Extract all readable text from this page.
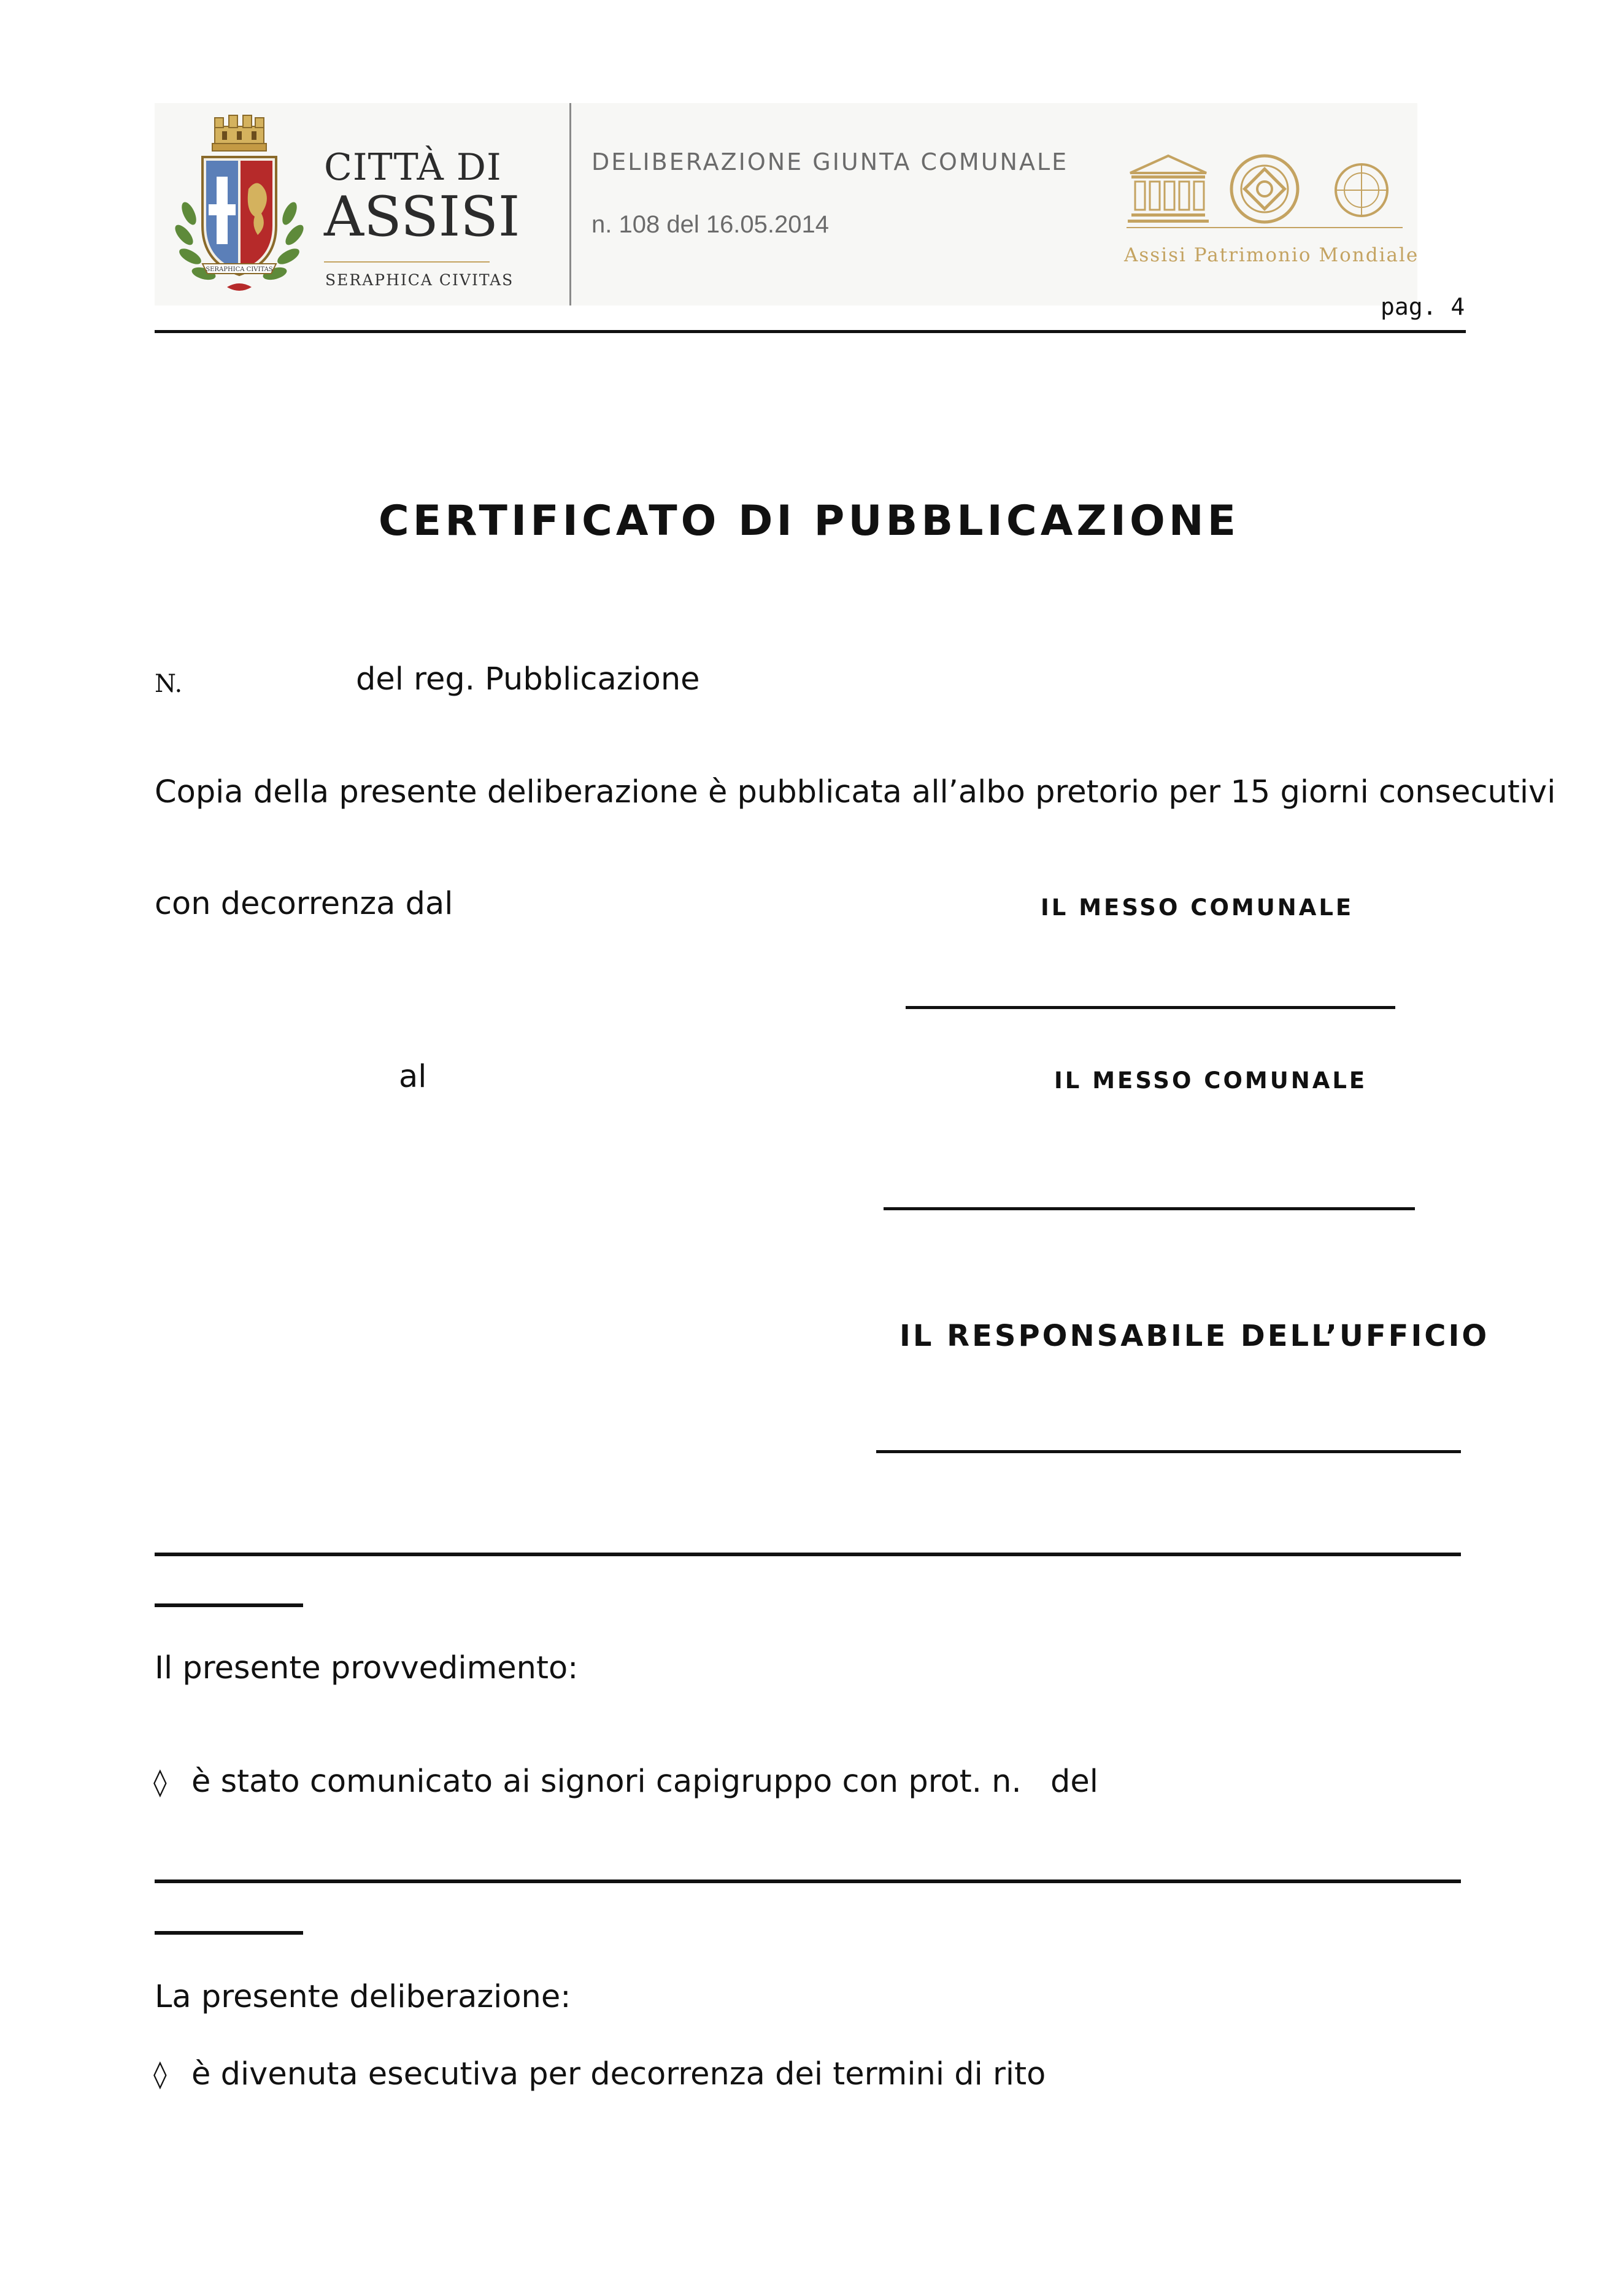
SERAPHICA CIVITAS
CITTÀ DI
ASSISI
SERAPHICA CIVITAS
DELIBERAZIONE GIUNTA COMUNALE
n. 108 del 16.05.2014
Assisi Patrimonio Mondiale
pag. 4
CERTIFICATO DI PUBBLICAZIONE
N.	del reg. Pubblicazione
Copia della presente deliberazione è pubblicata all’albo pretorio per 15 giorni consecutivi
con decorrenza dal	IL MESSO COMUNALE
al	IL MESSO COMUNALE
IL RESPONSABILE DELL’UFFICIO
Il presente provvedimento:
◊ è stato comunicato ai signori capigruppo con prot. n. del
La presente deliberazione:
◊ è divenuta esecutiva per decorrenza dei termini di rito
